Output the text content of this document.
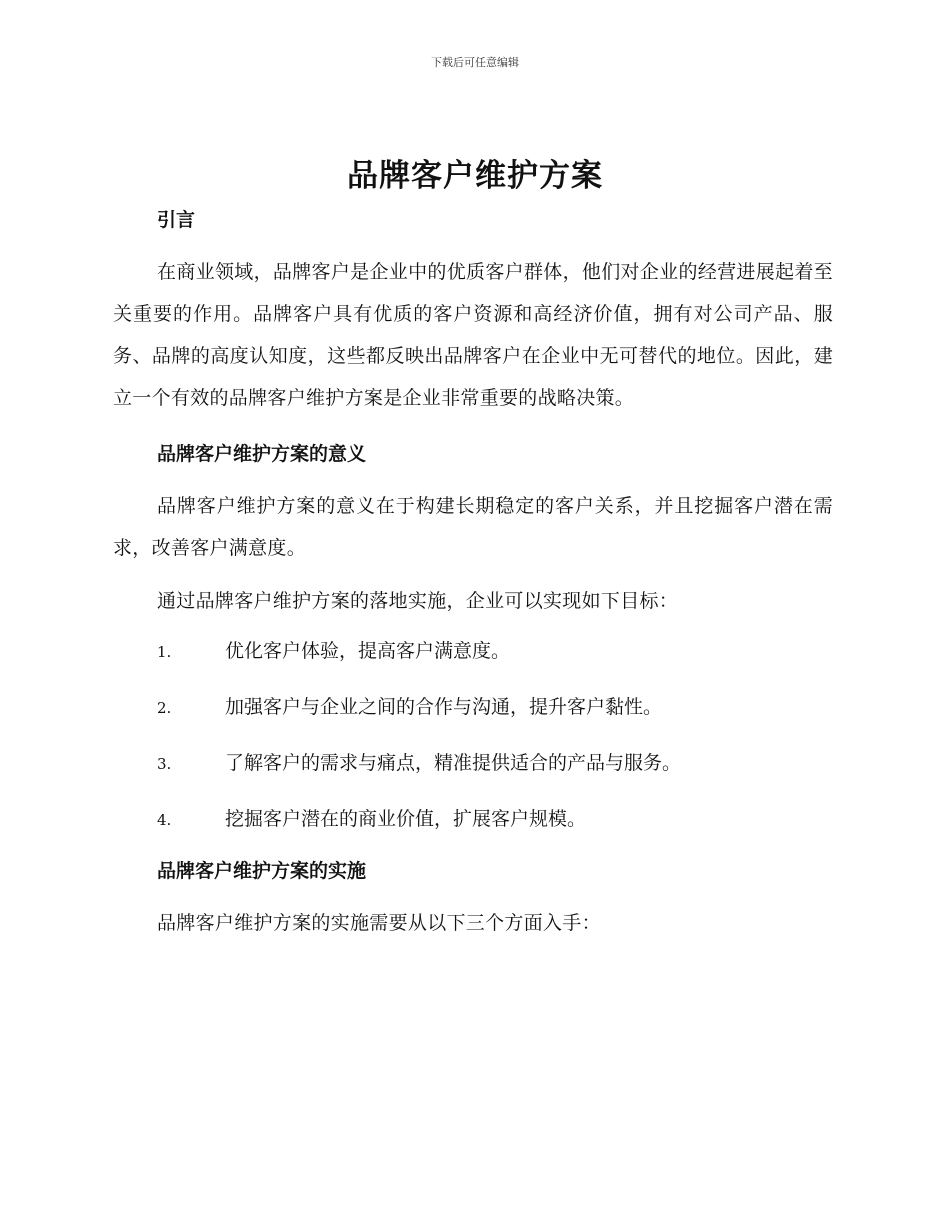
下载后可任意编辑
品牌客户维护方案
引言

在商业领域，品牌客户是企业中的优质客户群体，他们对企业的经营进展起着至关重要的作用。品牌客户具有优质的客户资源和高经济价值，拥有对公司产品、服务、品牌的高度认知度，这些都反映出品牌客户在企业中无可替代的地位。因此，建立一个有效的品牌客户维护方案是企业非常重要的战略决策。

品牌客户维护方案的意义

品牌客户维护方案的意义在于构建长期稳定的客户关系，并且挖掘客户潜在需求，改善客户满意度。

通过品牌客户维护方案的落地实施，企业可以实现如下目标：

1.	优化客户体验，提高客户满意度。
2.	加强客户与企业之间的合作与沟通，提升客户黏性。
3.	了解客户的需求与痛点，精准提供适合的产品与服务。
4.	挖掘客户潜在的商业价值，扩展客户规模。
品牌客户维护方案的实施

品牌客户维护方案的实施需要从以下三个方面入手：
